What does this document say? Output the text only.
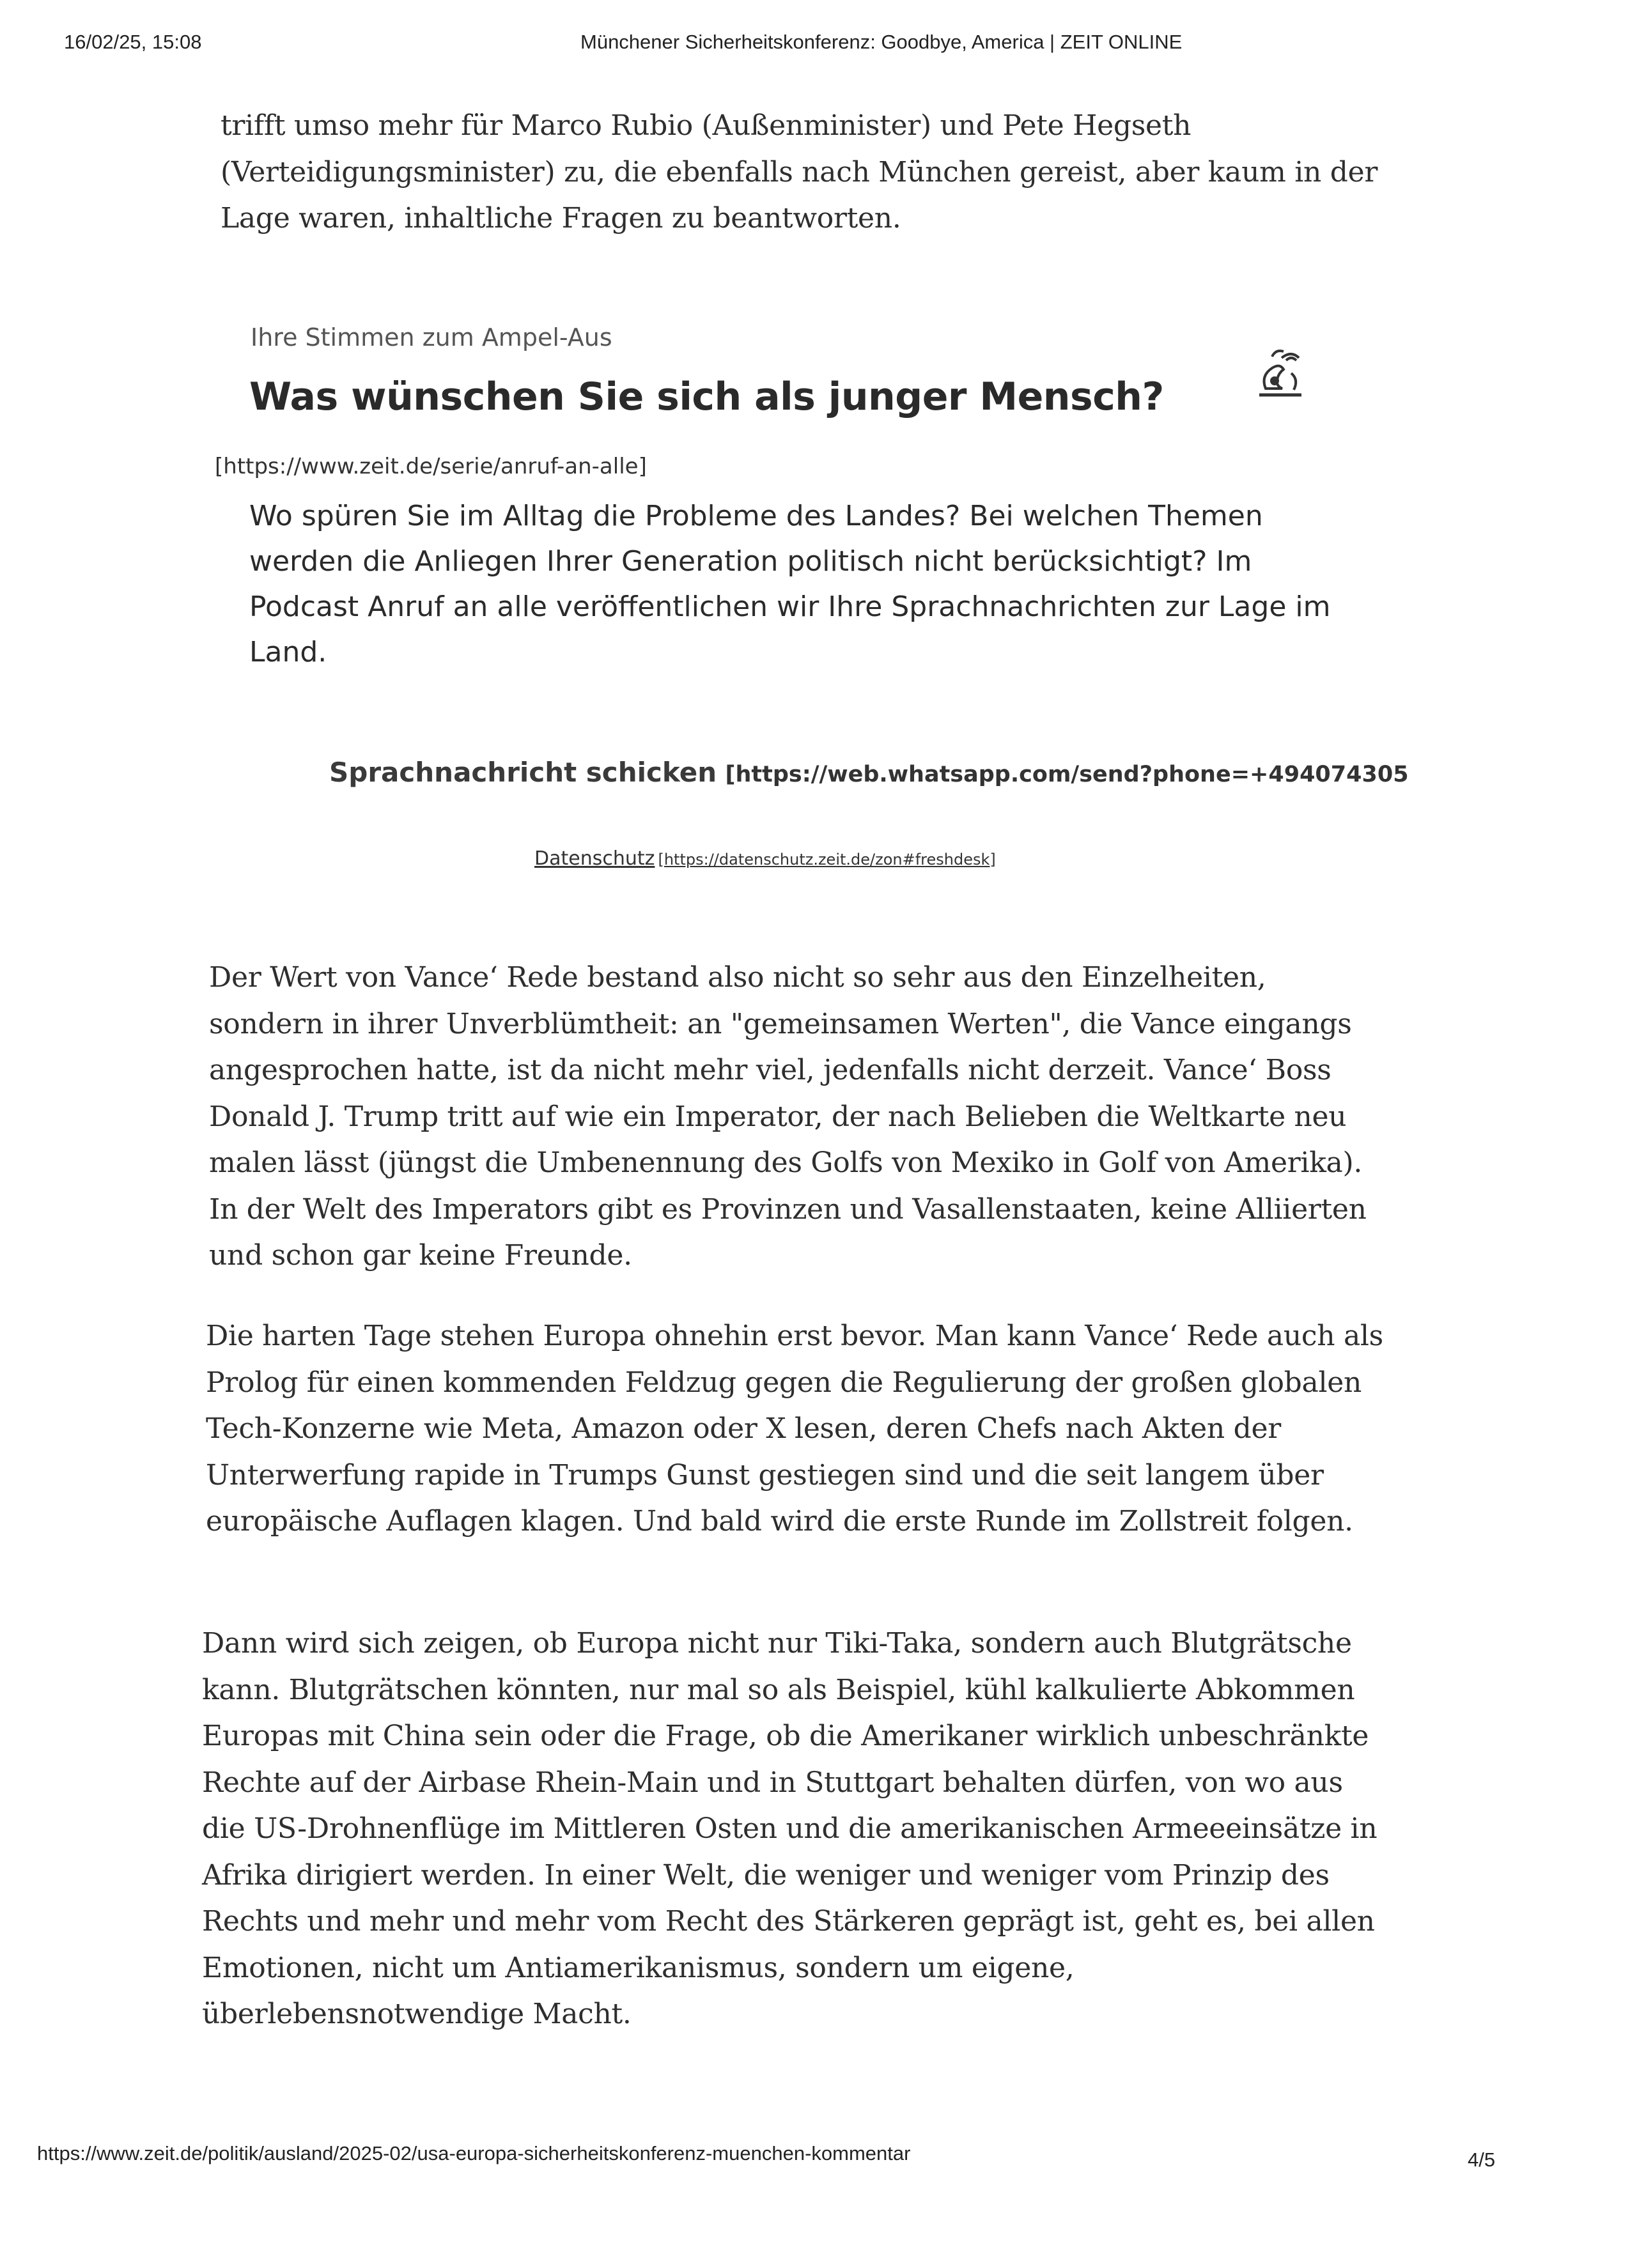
16/02/25, 15:08	Münchener Sicherheitskonferenz: Goodbye, America | ZEIT ONLINE

trifft umso mehr für Marco Rubio (Außenminister) und Pete Hegseth (Verteidigungsminister) zu, die ebenfalls nach München gereist, aber kaum in der Lage waren, inhaltliche Fragen zu beantworten.

Ihre Stimmen zum Ampel-Aus
Was wünschen Sie sich als junger Mensch?
[https://www.zeit.de/serie/anruf-an-alle]

Wo spüren Sie im Alltag die Probleme des Landes? Bei welchen Themen werden die Anliegen Ihrer Generation politisch nicht berücksichtigt? Im Podcast Anruf an alle veröffentlichen wir Ihre Sprachnachrichten zur Lage im Land.

Sprachnachricht schicken [https://web.whatsapp.com/send?phone=+494074305
Datenschutz [https://datenschutz.zeit.de/zon#freshdesk]

Der Wert von Vance‘ Rede bestand also nicht so sehr aus den Einzelheiten, sondern in ihrer Unverblümtheit: an "gemeinsamen Werten", die Vance eingangs angesprochen hatte, ist da nicht mehr viel, jedenfalls nicht derzeit. Vance‘ Boss Donald J. Trump tritt auf wie ein Imperator, der nach Belieben die Weltkarte neu malen lässt (jüngst die Umbenennung des Golfs von Mexiko in Golf von Amerika). In der Welt des Imperators gibt es Provinzen und Vasallenstaaten, keine Alliierten und schon gar keine Freunde.

Die harten Tage stehen Europa ohnehin erst bevor. Man kann Vance‘ Rede auch als Prolog für einen kommenden Feldzug gegen die Regulierung der großen globalen Tech-Konzerne wie Meta, Amazon oder X lesen, deren Chefs nach Akten der Unterwerfung rapide in Trumps Gunst gestiegen sind und die seit langem über europäische Auflagen klagen. Und bald wird die erste Runde im Zollstreit folgen.

Dann wird sich zeigen, ob Europa nicht nur Tiki-Taka, sondern auch Blutgrätsche kann. Blutgrätschen könnten, nur mal so als Beispiel, kühl kalkulierte Abkommen Europas mit China sein oder die Frage, ob die Amerikaner wirklich unbeschränkte Rechte auf der Airbase Rhein-Main und in Stuttgart behalten dürfen, von wo aus die US-Drohnenflüge im Mittleren Osten und die amerikanischen Armeeeinsätze in Afrika dirigiert werden. In einer Welt, die weniger und weniger vom Prinzip des Rechts und mehr und mehr vom Recht des Stärkeren geprägt ist, geht es, bei allen Emotionen, nicht um Antiamerikanismus, sondern um eigene, überlebensnotwendige Macht.

https://www.zeit.de/politik/ausland/2025-02/usa-europa-sicherheitskonferenz-muenchen-kommentar	4/5
